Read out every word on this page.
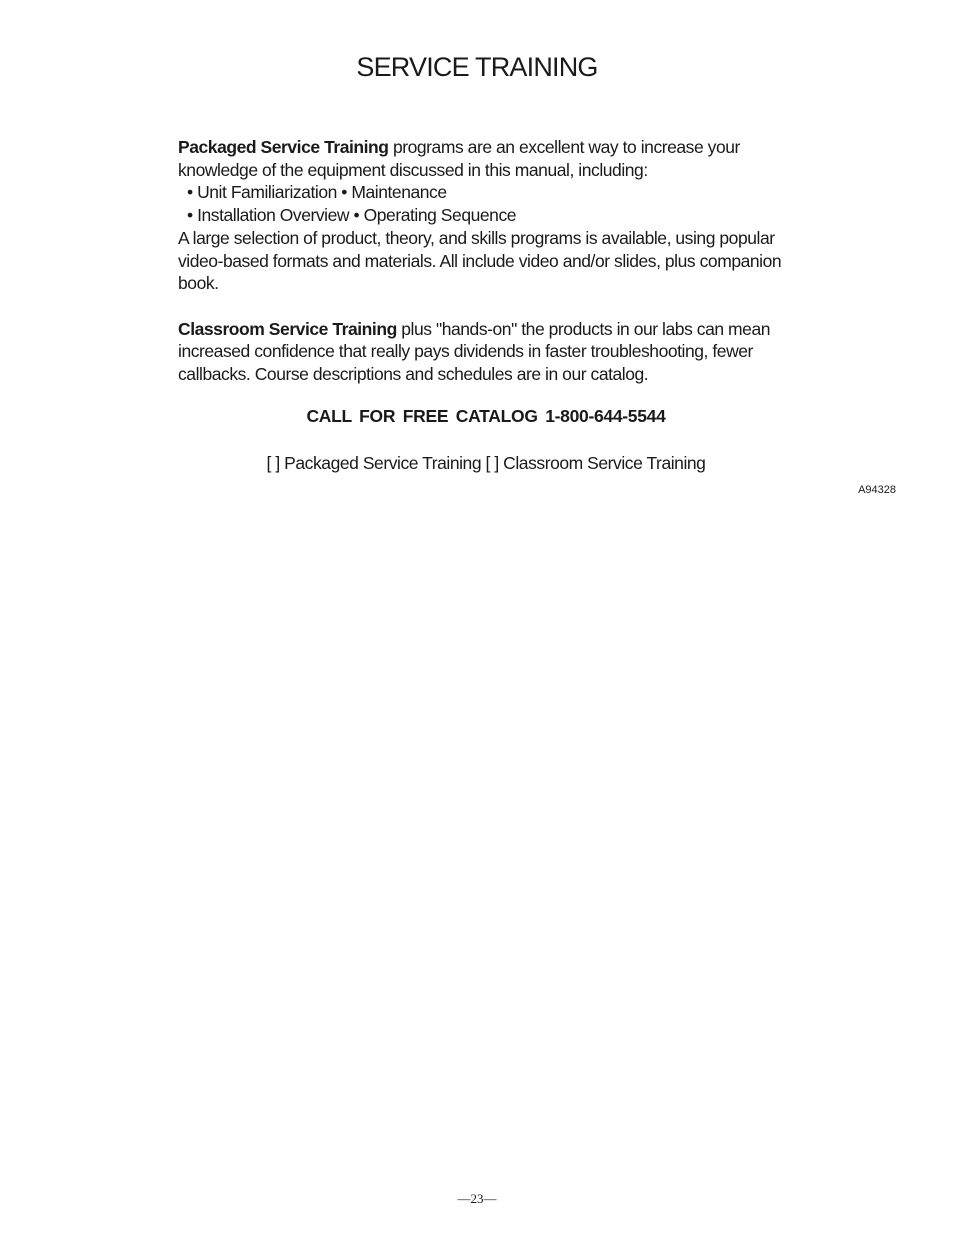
SERVICE TRAINING

Packaged Service Training programs are an excellent way to increase your

knowledge of the equipment discussed in this manual, including:

• Unit Familiarization • Maintenance

• Installation Overview • Operating Sequence

A large selection of product, theory, and skills programs is available, using popular

video-based formats and materials. All include video and/or slides, plus companion

book.

Classroom Service Training plus "hands-on" the products in our labs can mean

increased confidence that really pays dividends in faster troubleshooting, fewer

callbacks. Course descriptions and schedules are in our catalog.

CALL FOR FREE CATALOG 1-800-644-5544

[ ] Packaged Service Training [ ] Classroom Service Training

A94328
—23—
